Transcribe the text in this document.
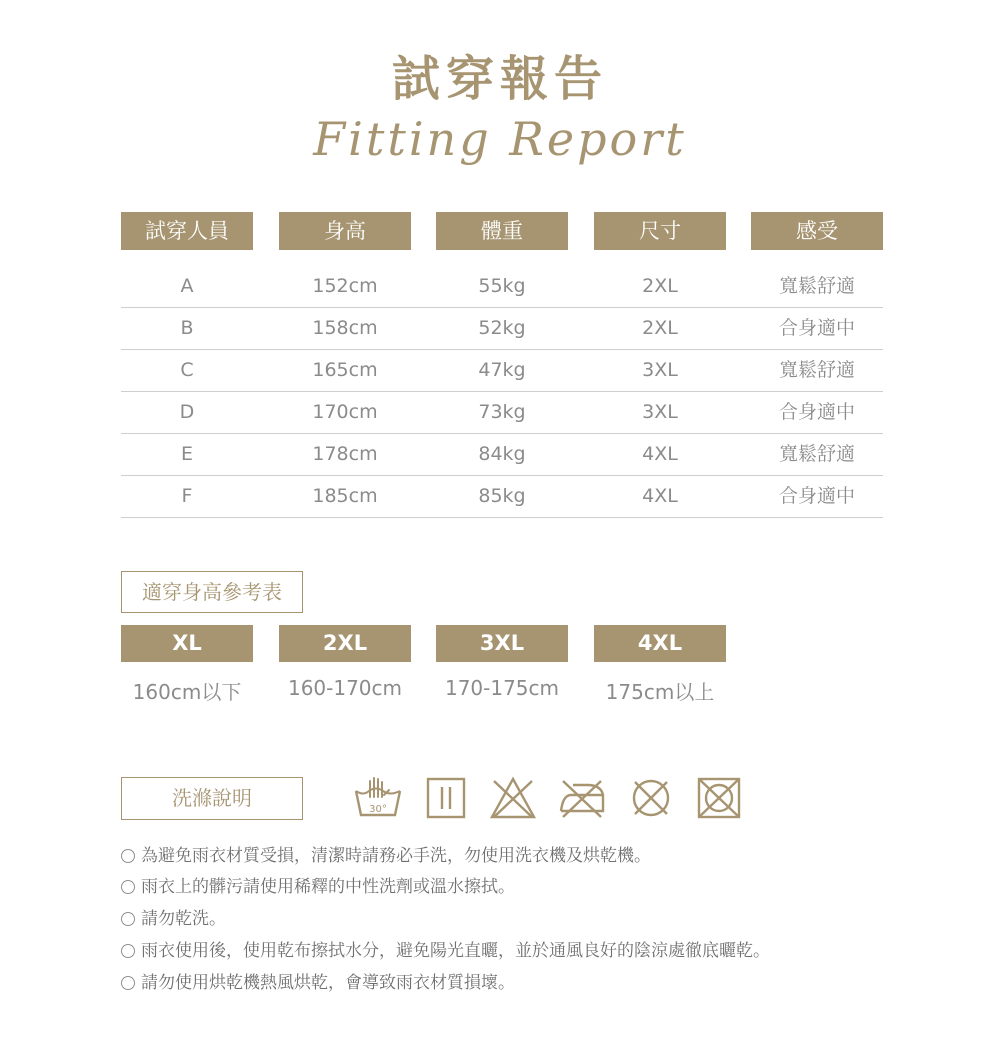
試穿報告
Fitting Report
試穿人員	身高	體重	尺寸	感受
A	152cm	55kg	2XL	寬鬆舒適
B	158cm	52kg	2XL	合身適中
C	165cm	47kg	3XL	寬鬆舒適
D	170cm	73kg	3XL	合身適中
E	178cm	84kg	4XL	寬鬆舒適
F	185cm	85kg	4XL	合身適中
適穿身高參考表
XL	2XL	3XL	4XL
160cm以下	160-170cm	170-175cm	175cm以上
洗滌說明	30°
為避免雨衣材質受損，清潔時請務必手洗，勿使用洗衣機及烘乾機。
雨衣上的髒污請使用稀釋的中性洗劑或溫水擦拭。
請勿乾洗。
雨衣使用後，使用乾布擦拭水分，避免陽光直曬，並於通風良好的陰涼處徹底曬乾。
請勿使用烘乾機熱風烘乾，會導致雨衣材質損壞。
